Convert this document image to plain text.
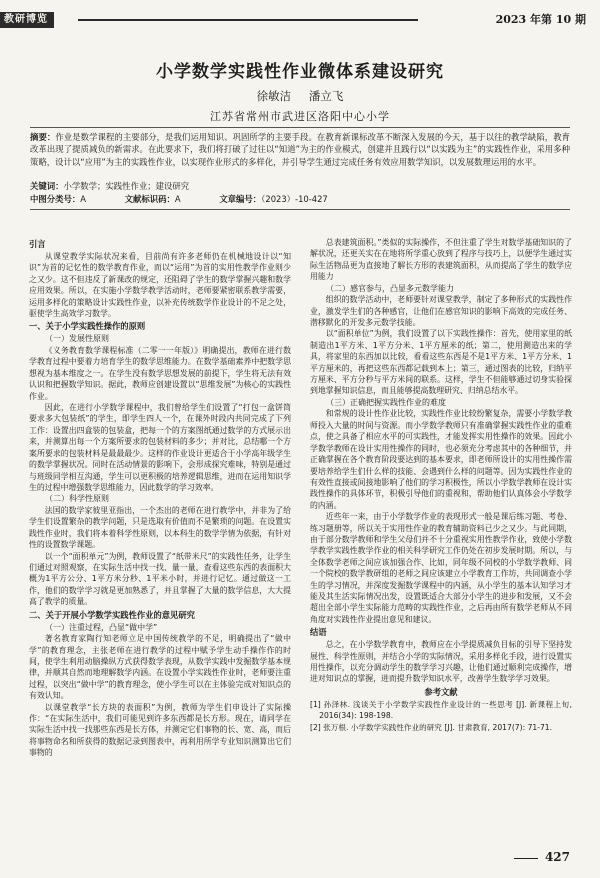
教研博览	2023 年第 10 期
小学数学实践性作业微体系建设研究
徐敏洁 潘立飞
江苏省常州市武进区洛阳中心小学
摘要：作业是数学课程的主要部分，是我们运用知识、巩固所学的主要手段。在教育新课标改革不断深入发展的今天，基于以往的教学缺陷，教育改革出现了提质减负的新需求。在此要求下，我们将打破了过往以“知道”为主的作业模式，创建并且践行以“以实践为主”的实践性作业，采用多种策略，设计以“应用”为主的实践性作业，以实现作业形式的多样化，并引导学生通过完成任务有效应用数学知识，以发展数理运用的水平。
关键词：小学数学；实践性作业；建设研究
中图分类号：A	文献标识码：A	文章编号：（2023）-10-427
引言

从课堂教学实际状况来看，目前尚有许多老师仍在机械地设计以“知识”为首的记忆性的数学教育作业，而以“运用”为首的实用性教学作业则少之又少。这不但违反了新课改的规定，还阻碍了学生的数学掌握兴趣和数学应用效果。所以，在实施小学数学教学活动时，老师要紧密联系教学需要，运用多样化的策略设计实践性作业，以补充传统数学作业设计的不足之处，驱使学生高效学习数学。

一、关于小学实践性操作的原则
（一）发展性原则

《义务教育数学课程标准（二零一一年版）》明确提出，教师在进行数学教育过程中要着力培育学生的数学思维能力。在数学基础素养中把数学思想视为基本维度之一。在学生没有数学思想发展的前提下，学生将无法有效认识和把握数学知识。据此，教师应创建设置以“思维发展”为核心的实践性作业。

因此，在进行小学数学课程中，我们曾给学生们设置了“打包一盒饼筒要求多大包装纸”的学生，即学生四人一个，在课外时段内共同完成了下列工作：设置出四盒装的包装盒，把每一个的方案图纸通过数学的方式展示出来，并测算出每一个方案所要求的包装材料的多少；并对比，总结哪一个方案所要求的包装材料是最最最少。这样的作业设计更适合于小学高年级学生的数学掌握状况。同时在活动情景的影响下，会形成探究难味，特别是通过与班级同学相互沟通，学生可以更积极的培养逻辑思维，进而在运用知识学生的过程中增强数学思维能力，因此数学的学习效率。

（二）科学性原则

法国的数学家彼里亚指出，一个杰出的老师在进行教学中，并非为了给学生们设置繁杂的教学问题，只是选取有价值而不是繁琐的问题。在设置实践性作业时，我们将本着科学性原则，以本科生的数学学情为依据，有针对性的设置数学课题。

以一个“面积单元”为例，教师设置了“纸带米尺”的实践性任务，让学生们通过对照观察，在实际生活中找一找、量一量，查看这些东西的表面积大概为1平方公分、1平方米分秒、1平米小时，并进行记忆。通过做这一工作，他们的数学学习就是更加熟悉了，并且掌握了大量的数学信息，大大提高了教学的质量。

二、关于开展小学数学实践性作业的意见研究
（一）注重过程，凸显“做中学”

著名教育家陶行知老师立足中国传统教学的不足，明确提出了“做中学”的教育理念，主张老师在进行教学的过程中赋予学生动手操作作的时间，使学生利用动脑操纵方式获得数学表现，从数学实践中发掘数学基本规律，并顺其自然而地理解数学内涵。在设置小学实践性作业时，老师要注重过程，以突出“做中学”的教育理念，使小学生可以在主体验完成对知识点的有效认知。

以课堂教学“长方块的表面积”为例，教师为学生们申设计了实际操作：“在实际生活中，我们可能见到许多东西都是长方形。现在，请同学在实际生活中找一找那些东西是长方体，并测定它们事物的长、宽、高，而后将事物命名和所获得的数据记录到图表中，再利用所学专业知识测算出它们事物的

总表建筑面积。”类似的实际操作，不但注重了学生对数学基础知识的了解状况，还更关实在在地将所学重心放到了程序与技巧上，以便学生通过实际生活物品更为直接地了解长方形的表建筑面积，从而提高了学生的数学应用能力

（二）感官参与，凸显多元数学能力

组织的数学活动中，老师要针对课堂教学，制定了多种形式的实践性作业，激发学生们的各种感官，让他们在感官知识的影响下高效的完成任务、潜移默化的开发多元数学技能。

以“面积单位”为例，我们设置了以下实践性操作：首先，使用家里的纸制造出1平方米、1平方分米、1平方厘米的纸；第二，使用测造出来的学具，将家里的东西加以比较，看看这些东西是不是1平方米、1平方分米、1平方厘米的，再把这些东西都记载到本上；第三，通过图表的比较，归纳平方厘米、平方分秒与平方米间的联系。这样，学生不但能够通过切身实验探到地掌握知识信息，而且能够提高数理研究、归纳总结水平。

（三）正确把握实践性作业的难度

和常规的设计性作业比较，实践性作业比较纷繁复杂，需要小学数学教师投入大量的时间与资源。而小学数学教师只有准确掌握实践性作业的重难点，使之具备了相应水平的可实践性，才能发挥实用性操作的效果。因此小学数学教师在设计实用性操作的同时，也必须充分考虑其中的各种细节，并正确掌握在各个教育阶段要达到的基本要求，即老师所设计的实用性操作需要培养给学生们什么样的技能、会遇到什么样的问题等。因为实践性作业的有效性直接或间接地影响了他们的学习积极性，所以小学数学教师在设计实践性操作的具体环节，积极引导他们的重视和，帮助他们认真体会小学数学的内涵。

近些年一来，由于小学数学作业的表现形式一般是课后练习题、考卷、练习题册等，所以关于实用性作业的教育辅助资料已少之又少。与此同期，由于部分数学教师和学生父母们并不十分重视实用性教学作业，致使小学数学教学实践性教学作业的相关科学研究工作仍处在初步发展时期。所以，与全体数学老师之间应该加强合作、比如，同年级不同校的小学数学教师、同一个院校的数学教研组的老师之间应该建立小学教育工作坊，共同调查小学生的学习情况，并深度发掘数学课程中的内涵，从小学生的基本认知学习才能及其生活实际情况出发，设置既适合大部分小学生的进步和发展，又不会超出全部小学生实际能力范畴的实践性作业，之后再由所有数学老师从不同角度对实践性作业提出意见和建议。

结语

总之，在小学数学教育中，教师应在小学提质减负目标的引导下坚持发展性、科学性原则，并结合小学的实际情况，采用多样化手段，进行设置实用性操作，以充分调动学生的数学学习兴趣，让他们通过顺利完成操作，增进对知识点的掌握，进而提升数学知识水平，改善学生数学学习效果。

参考文献

[1] 孙泽林. 浅谈关于小学数学实践性作业设计的一些思考 [J]. 新课程上旬, 2016(34): 198-198.

[2] 张万根. 小学数学实践性作业的研究 [J]. 甘肃教育, 2017(7): 71-71.

427
